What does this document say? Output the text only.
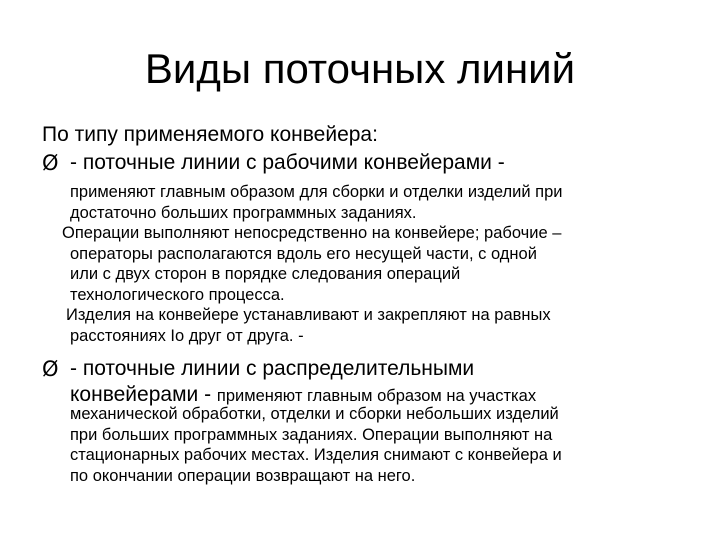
Виды поточных линий
По типу применяемого конвейера:
Ø - поточные линии с рабочими конвейерами -
применяют главным образом для сборки и отделки изделий при
достаточно больших программных заданиях.
Операции выполняют непосредственно на конвейере; рабочие –
операторы располагаются вдоль его несущей части, с одной
или с двух сторон в порядке следования операций
технологического процесса.
Изделия на конвейере устанавливают и закрепляют на равных
расстояниях Iо друг от друга. -
Ø - поточные линии с распределительными
конвейерами - применяют главным образом на участках
механической обработки, отделки и сборки небольших изделий
при больших программных заданиях. Операции выполняют на
стационарных рабочих местах. Изделия снимают с конвейера и
по окончании операции возвращают на него.
